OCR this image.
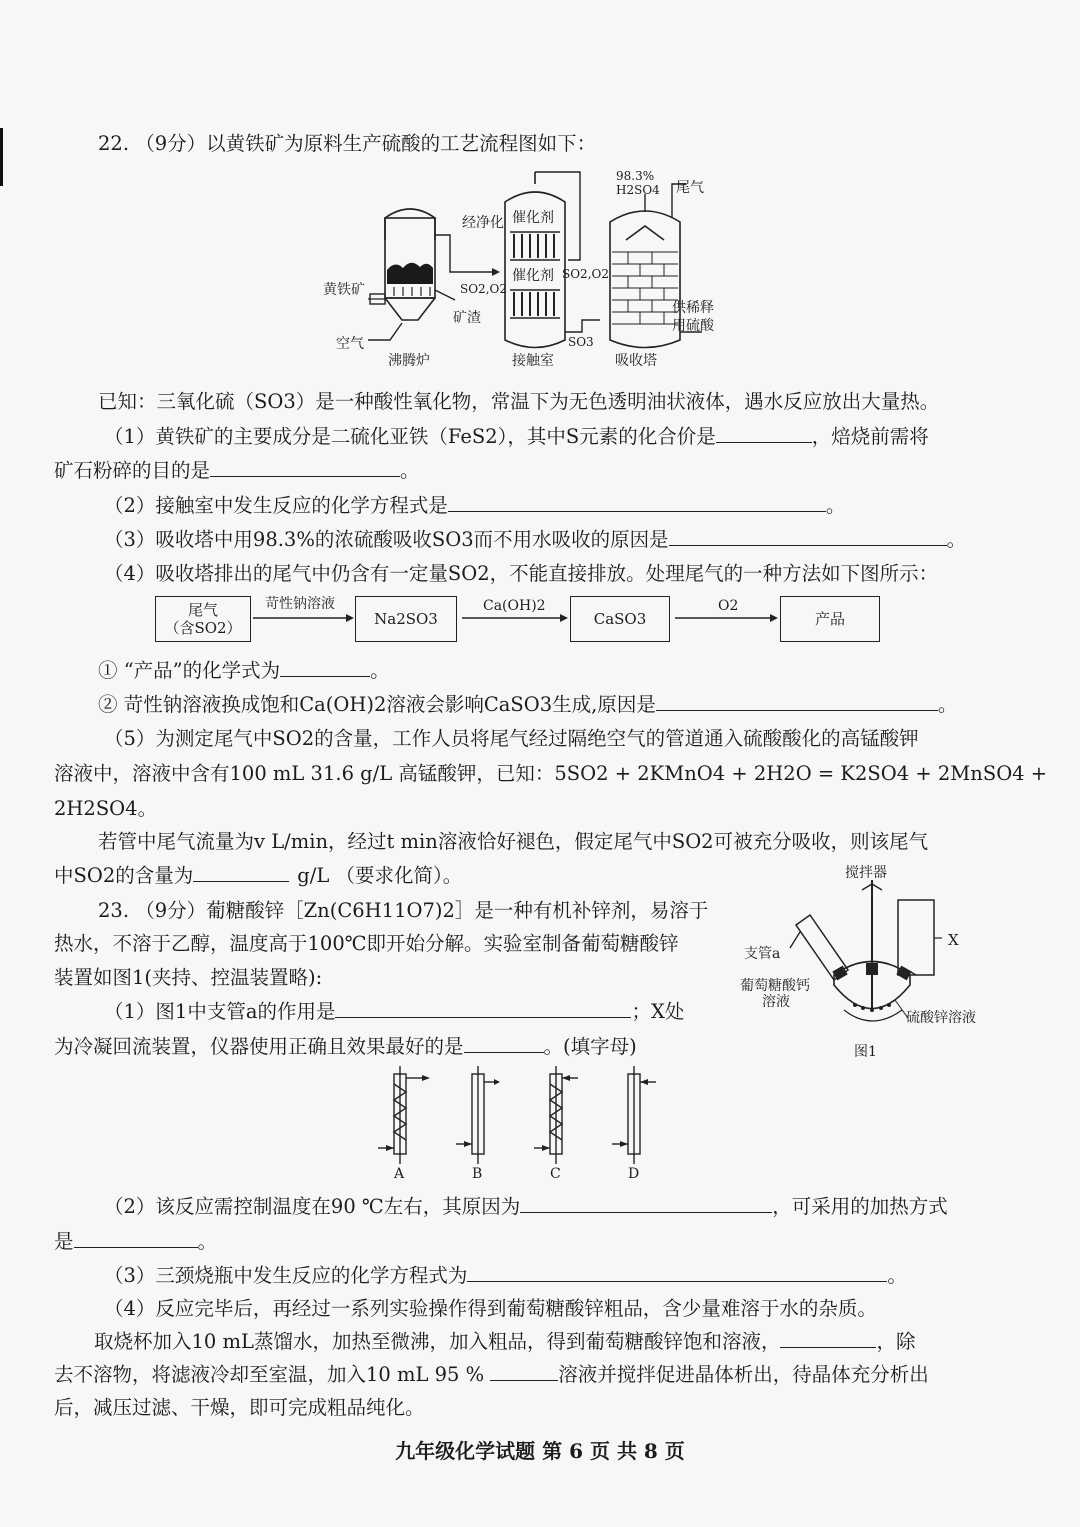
22. （9分）以黄铁矿为原料生产硫酸的工艺流程图如下：
黄铁矿
空气
沸腾炉
矿渣
经净化
SO2,O2
催化剂
催化剂 SO2,O2
SO3
接触室
98.3%
H2SO4 尾气
供稀释
用硫酸
吸收塔
已知：三氧化硫（SO3）是一种酸性氧化物，常温下为无色透明油状液体，遇水反应放出大量热。
（1）黄铁矿的主要成分是二硫化亚铁（FeS2），其中S元素的化合价是	，焙烧前需将
矿石粉碎的目的是	。
（2）接触室中发生反应的化学方程式是	。
（3）吸收塔中用98.3%的浓硫酸吸收SO3而不用水吸收的原因是	。
（4）吸收塔排出的尾气中仍含有一定量SO2，不能直接排放。处理尾气的一种方法如下图所示：
尾气
（含SO2）
苛性钠溶液
Na2SO3
Ca(OH)2
CaSO3
O2
产品
① “产品”的化学式为	。
② 苛性钠溶液换成饱和Ca(OH)2溶液会影响CaSO3生成,原因是	。
（5）为测定尾气中SO2的含量，工作人员将尾气经过隔绝空气的管道通入硫酸酸化的高锰酸钾
溶液中，溶液中含有100 mL 31.6 g/L 高锰酸钾，已知：5SO2 + 2KMnO4 + 2H2O = K2SO4 + 2MnSO4 +
2H2SO4。
若管中尾气流量为v L/min，经过t min溶液恰好褪色，假定尾气中SO2可被充分吸收，则该尾气
中SO2的含量为	g/L （要求化简）。
23. （9分）葡糖酸锌［Zn(C6H11O7)2］是一种有机补锌剂，易溶于
热水，不溶于乙醇，温度高于100℃即开始分解。实验室制备葡萄糖酸锌
装置如图1(夹持、控温装置略):
（1）图1中支管a的作用是	；X处
为冷凝回流装置，仪器使用正确且效果最好的是	。(填字母)
搅拌器
X
支管a
葡萄糖酸钙
溶液
硫酸锌溶液
图1
A	B	C	D
（2）该反应需控制温度在90 ℃左右，其原因为	，可采用的加热方式
是	。
（3）三颈烧瓶中发生反应的化学方程式为	。
（4）反应完毕后，再经过一系列实验操作得到葡萄糖酸锌粗品，含少量难溶于水的杂质。
取烧杯加入10 mL蒸馏水，加热至微沸，加入粗品，得到葡萄糖酸锌饱和溶液，	，除
去不溶物，将滤液冷却至室温，加入10 mL 95 %	溶液并搅拌促进晶体析出，待晶体充分析出
后，减压过滤、干燥，即可完成粗品纯化。
九年级化学试题 第 6 页 共 8 页
